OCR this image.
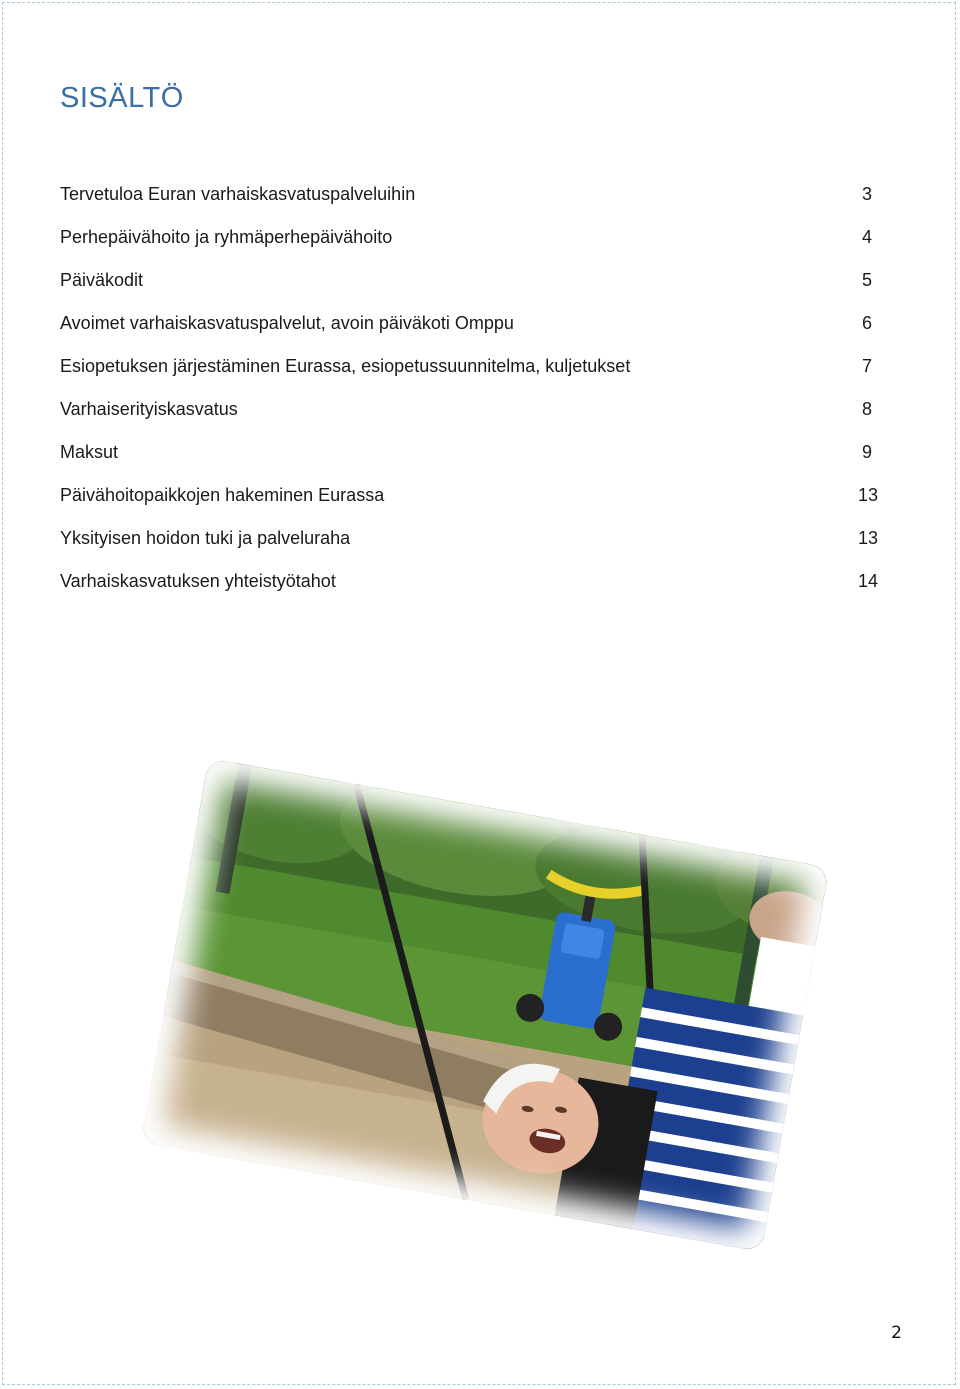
SISÄLTÖ
Tervetuloa Euran varhaiskasvatuspalveluihin	3
Perhepäivähoito ja ryhmäperhepäivähoito	4
Päiväkodit	5
Avoimet varhaiskasvatuspalvelut, avoin päiväkoti Omppu	6
Esiopetuksen järjestäminen Eurassa, esiopetussuunnitelma, kuljetukset	7
Varhaiserityiskasvatus	8
Maksut	9
Päivähoitopaikkojen hakeminen Eurassa	13
Yksityisen hoidon tuki ja palveluraha	13
Varhaiskasvatuksen yhteistyötahot	14
2
